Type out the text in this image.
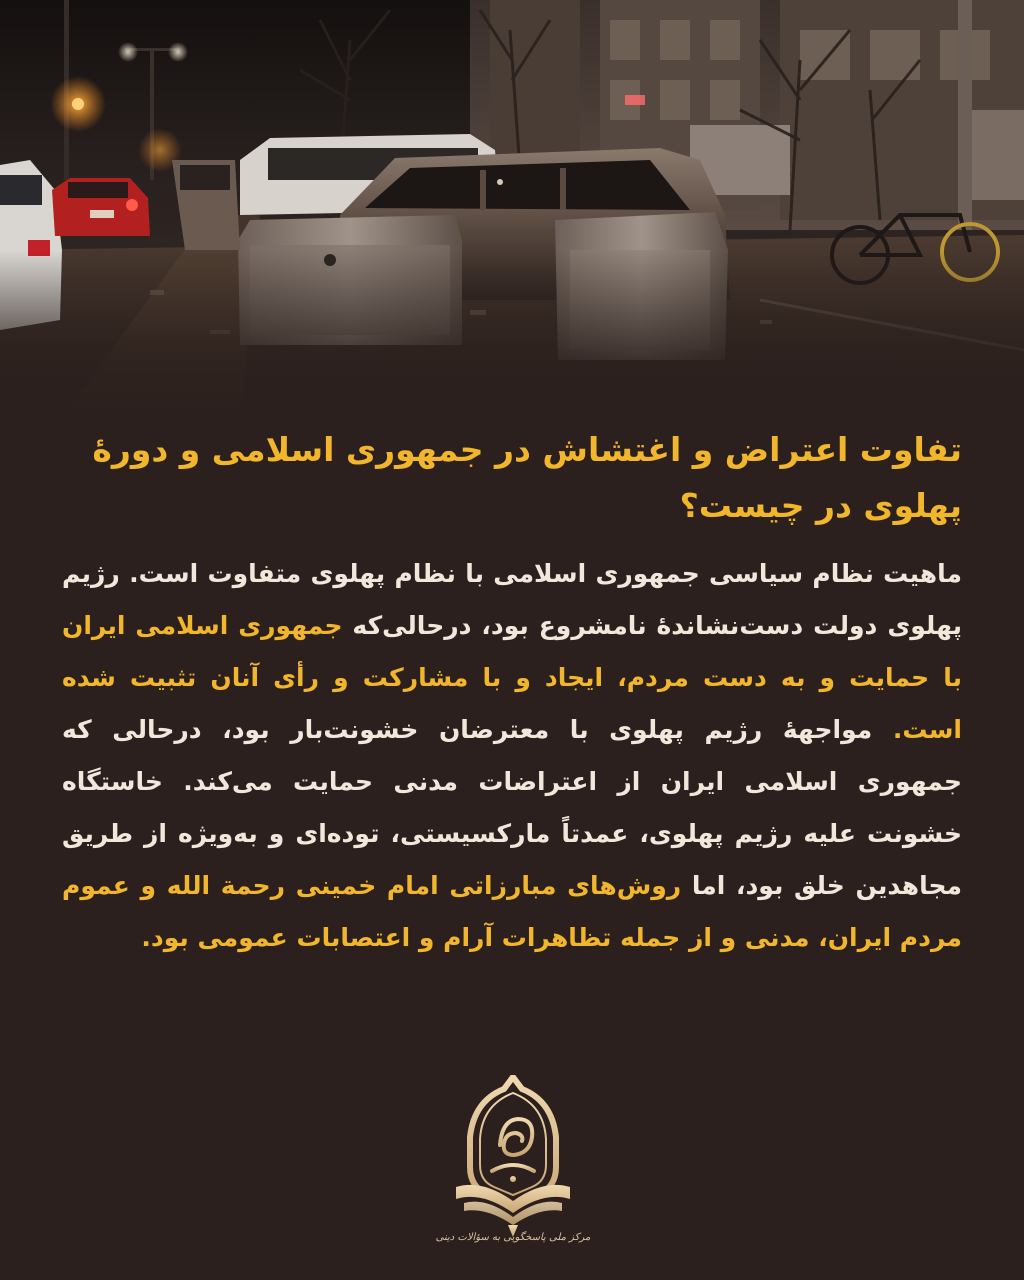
تفاوت اعتراض و اغتشاش در جمهوری اسلامی و دورهٔ پهلوی در چیست؟

ماهیت نظام سیاسی جمهوری اسلامی با نظام پهلوی متفاوت است. رژیم پهلوی دولت دست‌نشاندهٔ نامشروع بود، درحالی‌که جمهوری اسلامی ایران با حمایت و به دست مردم، ایجاد و با مشارکت و رأی آنان تثبیت شده است. مواجههٔ رژیم پهلوی با معترضان خشونت‌بار بود، درحالی که جمهوری اسلامی ایران از اعتراضات مدنی حمایت می‌کند. خاستگاه خشونت علیه رژیم پهلوی، عمدتاً مارکسیستی، توده‌ای و به‌ویژه از طریق مجاهدین خلق بود، اما روش‌های مبارزاتی امام خمینی رحمة الله و عموم مردم ایران، مدنی و از جمله تظاهرات آرام و اعتصابات عمومی بود.

مرکز ملی پاسخگویی به سؤالات دینی
